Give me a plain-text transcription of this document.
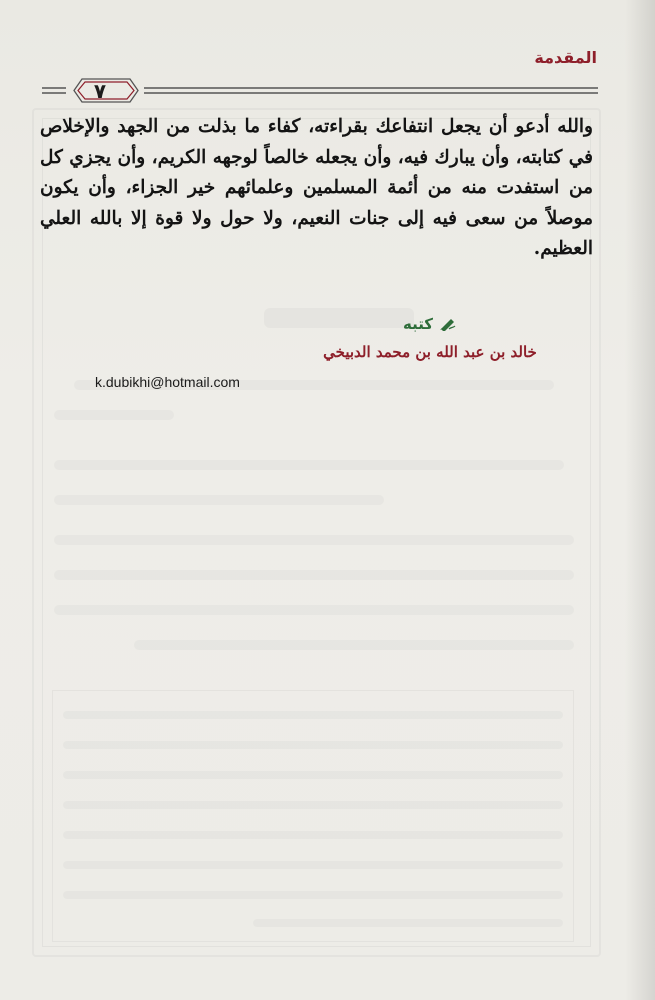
المقدمة
٧

والله أدعو أن يجعل انتفاعك بقراءته، كفاء ما بذلت من الجهد والإخلاص في كتابته، وأن يبارك فيه، وأن يجعله خالصاً لوجهه الكريم، وأن يجزي كل من استفدت منه من أئمة المسلمين وعلمائهم خير الجزاء، وأن يكون موصلاً من سعى فيه إلى جنات النعيم، ولا حول ولا قوة إلا بالله العلي العظيم.

كتبه
خالد بن عبد الله بن محمد الدبيخي
k.dubikhi@hotmail.com
